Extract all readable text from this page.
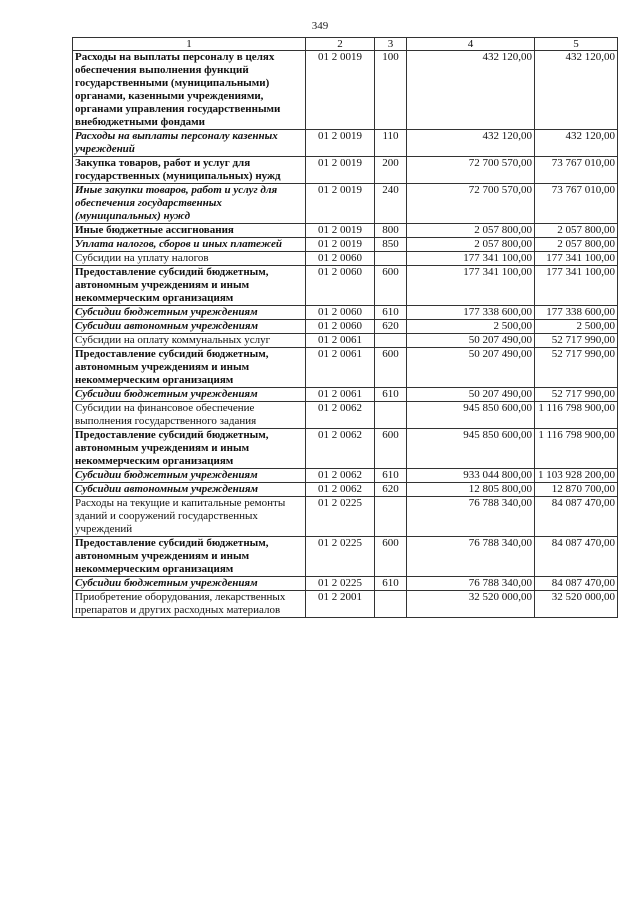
349
1	2	3	4	5
Расходы на выплаты персоналу в целях обеспечения выполнения функций государственными (муниципальными) органами, казенными учреждениями, органами управления государственными внебюджетными фондами	01 2 0019	100	432 120,00	432 120,00
Расходы на выплаты персоналу казенных учреждений	01 2 0019	110	432 120,00	432 120,00
Закупка товаров, работ и услуг для государственных (муниципальных) нужд	01 2 0019	200	72 700 570,00	73 767 010,00
Иные закупки товаров, работ и услуг для обеспечения государственных (муниципальных) нужд	01 2 0019	240	72 700 570,00	73 767 010,00
Иные бюджетные ассигнования	01 2 0019	800	2 057 800,00	2 057 800,00
Уплата налогов, сборов и иных платежей	01 2 0019	850	2 057 800,00	2 057 800,00
Субсидии на уплату налогов	01 2 0060		177 341 100,00	177 341 100,00
Предоставление субсидий бюджетным, автономным учреждениям и иным некоммерческим организациям	01 2 0060	600	177 341 100,00	177 341 100,00
Субсидии бюджетным учреждениям	01 2 0060	610	177 338 600,00	177 338 600,00
Субсидии автономным учреждениям	01 2 0060	620	2 500,00	2 500,00
Субсидии на оплату коммунальных услуг	01 2 0061		50 207 490,00	52 717 990,00
Предоставление субсидий бюджетным, автономным учреждениям и иным некоммерческим организациям	01 2 0061	600	50 207 490,00	52 717 990,00
Субсидии бюджетным учреждениям	01 2 0061	610	50 207 490,00	52 717 990,00
Субсидии на финансовое обеспечение выполнения государственного задания	01 2 0062		945 850 600,00	1 116 798 900,00
Предоставление субсидий бюджетным, автономным учреждениям и иным некоммерческим организациям	01 2 0062	600	945 850 600,00	1 116 798 900,00
Субсидии бюджетным учреждениям	01 2 0062	610	933 044 800,00	1 103 928 200,00
Субсидии автономным учреждениям	01 2 0062	620	12 805 800,00	12 870 700,00
Расходы на текущие и капитальные ремонты зданий и сооружений государственных учреждений	01 2 0225		76 788 340,00	84 087 470,00
Предоставление субсидий бюджетным, автономным учреждениям и иным некоммерческим организациям	01 2 0225	600	76 788 340,00	84 087 470,00
Субсидии бюджетным учреждениям	01 2 0225	610	76 788 340,00	84 087 470,00
Приобретение оборудования, лекарственных препаратов и других расходных материалов	01 2 2001		32 520 000,00	32 520 000,00
